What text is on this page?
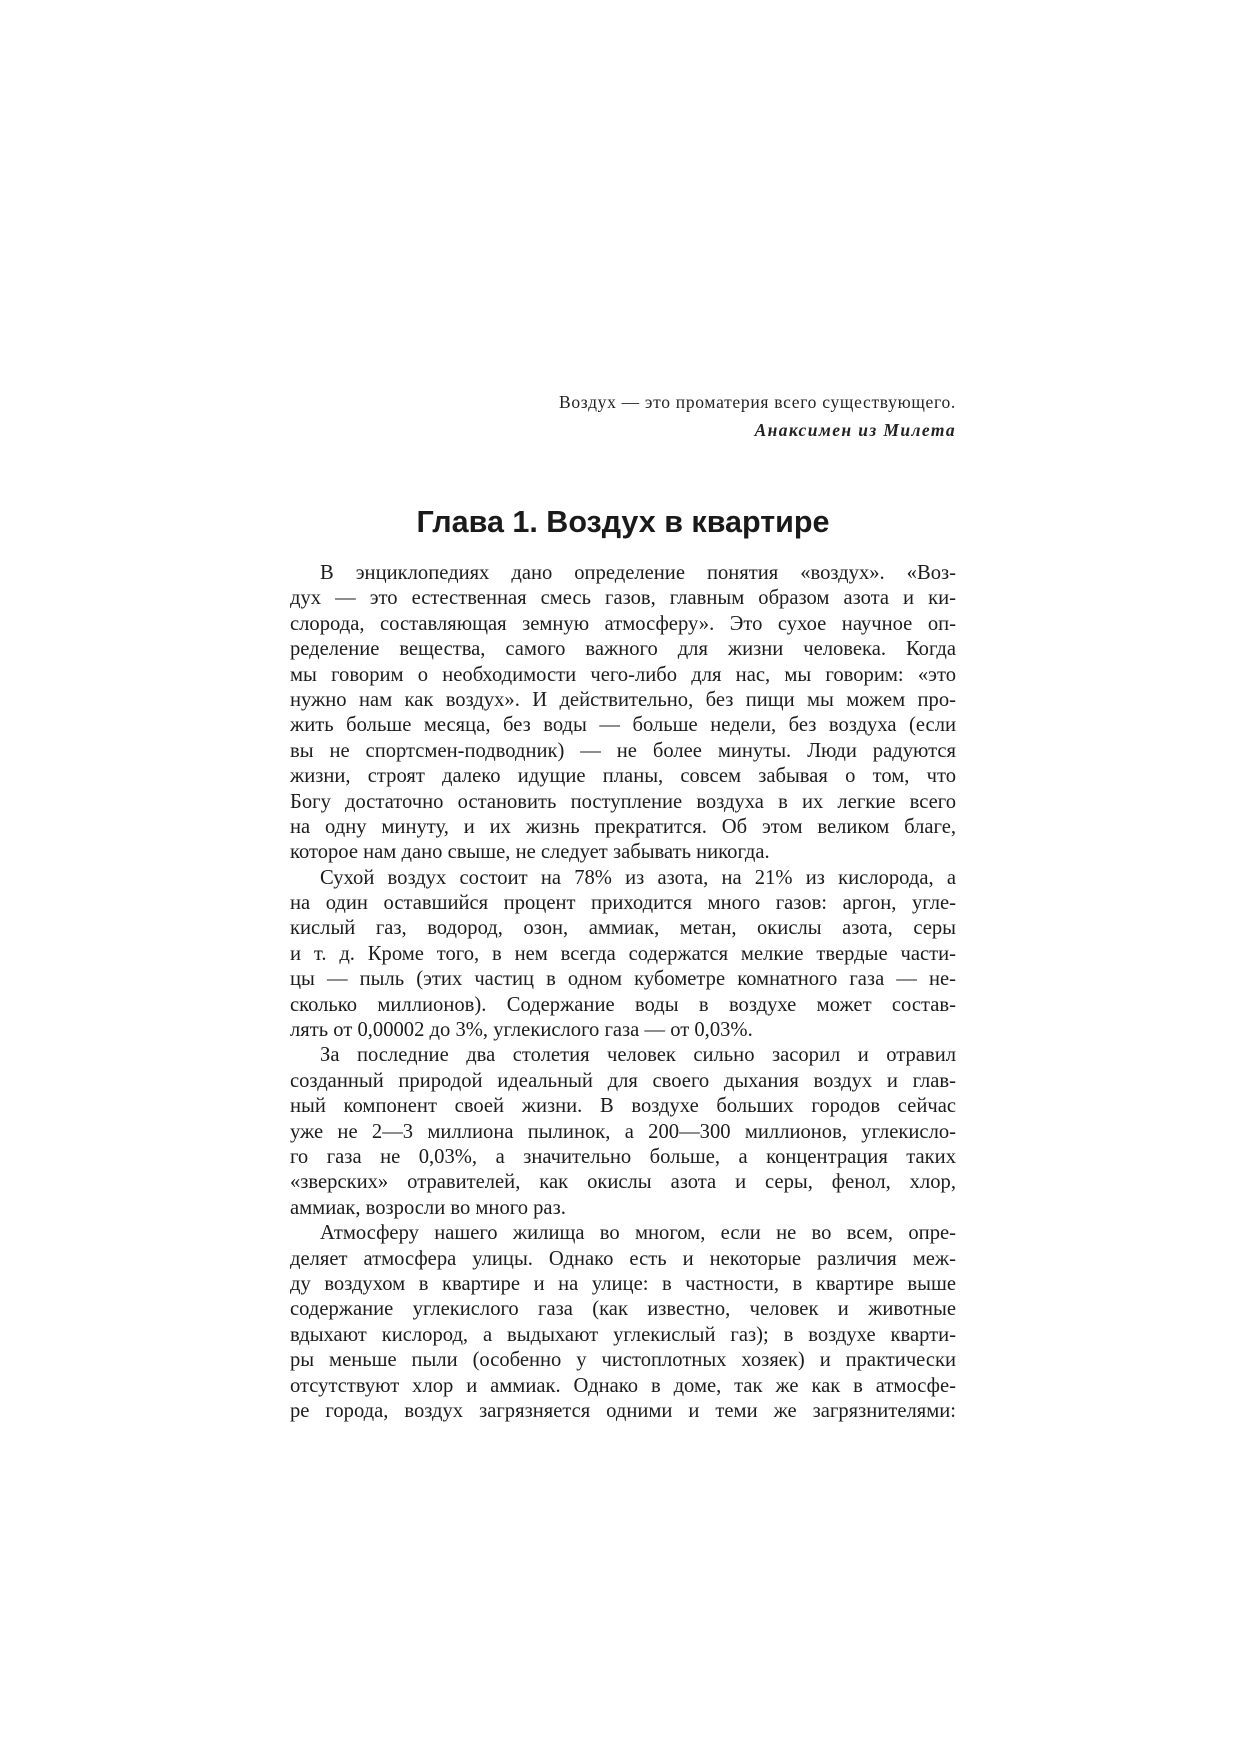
Воздух — это проматерия всего существующего.

Анаксимен из Милета

Глава 1. Воздух в квартире

В энциклопедиях дано определение понятия «воздух». «Воз-
дух — это естественная смесь газов, главным образом азота и ки-
слорода, составляющая земную атмосферу». Это сухое научное оп-
ределение вещества, самого важного для жизни человека. Когда
мы говорим о необходимости чего-либо для нас, мы говорим: «это
нужно нам как воздух». И действительно, без пищи мы можем про-
жить больше месяца, без воды — больше недели, без воздуха (если
вы не спортсмен-подводник) — не более минуты. Люди радуются
жизни, строят далеко идущие планы, совсем забывая о том, что
Богу достаточно остановить поступление воздуха в их легкие всего
на одну минуту, и их жизнь прекратится. Об этом великом благе,
которое нам дано свыше, не следует забывать никогда.

Сухой воздух состоит на 78% из азота, на 21% из кислорода, а
на один оставшийся процент приходится много газов: аргон, угле-
кислый газ, водород, озон, аммиак, метан, окислы азота, серы
и т. д. Кроме того, в нем всегда содержатся мелкие твердые части-
цы — пыль (этих частиц в одном кубометре комнатного газа — не-
сколько миллионов). Содержание воды в воздухе может состав-
лять от 0,00002 до 3%, углекислого газа — от 0,03%.

За последние два столетия человек сильно засорил и отравил
созданный природой идеальный для своего дыхания воздух и глав-
ный компонент своей жизни. В воздухе больших городов сейчас
уже не 2—3 миллиона пылинок, а 200—300 миллионов, углекисло-
го газа не 0,03%, а значительно больше, а концентрация таких
«зверских» отравителей, как окислы азота и серы, фенол, хлор,
аммиак, возросли во много раз.

Атмосферу нашего жилища во многом, если не во всем, опре-
деляет атмосфера улицы. Однако есть и некоторые различия меж-
ду воздухом в квартире и на улице: в частности, в квартире выше
содержание углекислого газа (как известно, человек и животные
вдыхают кислород, а выдыхают углекислый газ); в воздухе кварти-
ры меньше пыли (особенно у чистоплотных хозяек) и практически
отсутствуют хлор и аммиак. Однако в доме, так же как в атмосфе-
ре города, воздух загрязняется одними и теми же загрязнителями:
